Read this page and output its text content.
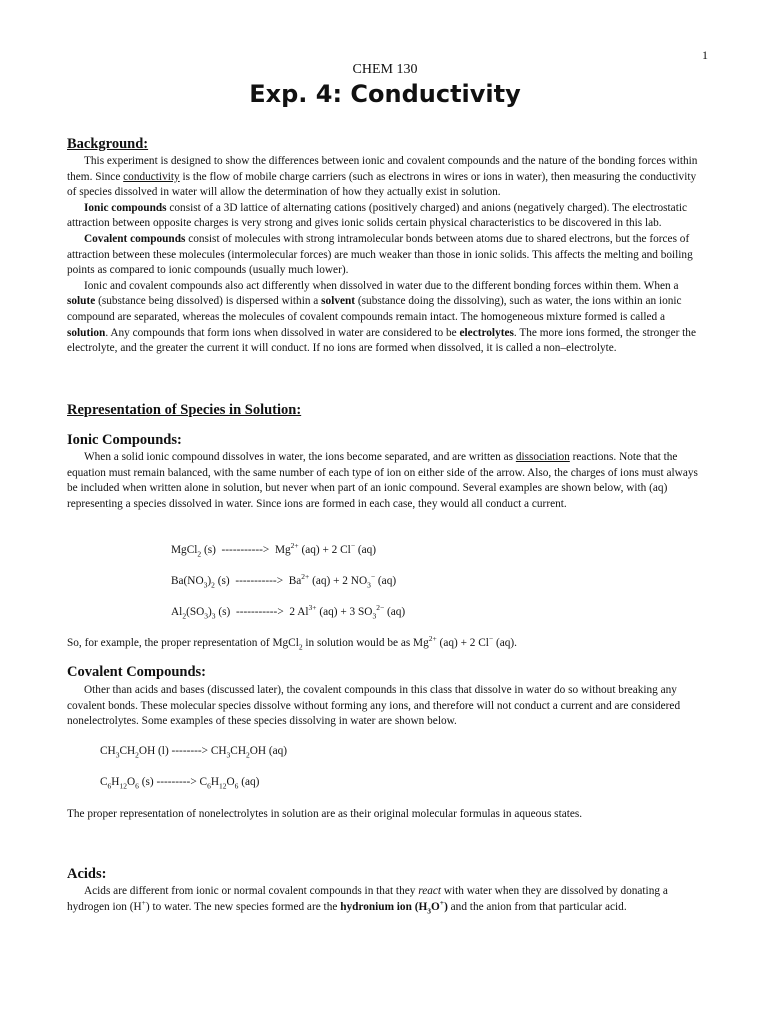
1
CHEM 130
Exp. 4: Conductivity
Background:

This experiment is designed to show the differences between ionic and covalent compounds and the nature of the bonding forces within them. Since conductivity is the flow of mobile charge carriers (such as electrons in wires or ions in water), then measuring the conductivity of species dissolved in water will allow the determination of how they actually exist in solution.

Ionic compounds consist of a 3D lattice of alternating cations (positively charged) and anions (negatively charged). The electrostatic attraction between opposite charges is very strong and gives ionic solids certain physical characteristics to be discovered in this lab.

Covalent compounds consist of molecules with strong intramolecular bonds between atoms due to shared electrons, but the forces of attraction between these molecules (intermolecular forces) are much weaker than those in ionic solids. This affects the melting and boiling points as compared to ionic compounds (usually much lower).

Ionic and covalent compounds also act differently when dissolved in water due to the different bonding forces within them. When a solute (substance being dissolved) is dispersed within a solvent (substance doing the dissolving), such as water, the ions within an ionic compound are separated, whereas the molecules of covalent compounds remain intact. The homogeneous mixture formed is called a solution. Any compounds that form ions when dissolved in water are considered to be electrolytes. The more ions formed, the stronger the electrolyte, and the greater the current it will conduct. If no ions are formed when dissolved, it is called a non–electrolyte.

Representation of Species in Solution:
Ionic Compounds:

When a solid ionic compound dissolves in water, the ions become separated, and are written as dissociation reactions. Note that the equation must remain balanced, with the same number of each type of ion on either side of the arrow. Also, the charges of ions must always be included when written alone in solution, but never when part of an ionic compound. Several examples are shown below, with (aq) representing a species dissolved in water. Since ions are formed in each case, they would all conduct a current.

MgCl$_2$ (s) -----------> $Mg^{2+}$ (aq) + 2 Cl− (aq)
$Ba(NO_3)_2$ (s) -----------> $Ba^{2+}$ (aq) + 2 $NO_3^-$ (aq)
$Al_2(SO_3)_3$ (s) -----------> 2 $Al^{3+}$ (aq) + 3 $SO_3^{2-}$ (aq)
So, for example, the proper representation of MgCl$_2$ in solution would be as $Mg^{2+}$ (aq) + 2 Cl− (aq).
Covalent Compounds:

Other than acids and bases (discussed later), the covalent compounds in this class that dissolve in water do so without breaking any covalent bonds. These molecular species dissolve without forming any ions, and therefore will not conduct a current and are considered nonelectrolytes. Some examples of these species dissolving in water are shown below.

$CH_3CH_2OH$ (l) --------> $CH_3CH_2OH$ (aq)
$C_6H_{12}O_6$ (s) ---------> $C_6H_{12}O_6$ (aq)
The proper representation of nonelectrolytes in solution are as their original molecular formulas in aqueous states.
Acids:

Acids are different from ionic or normal covalent compounds in that they react with water when they are dissolved by donating a hydrogen ion (H+) to water. The new species formed are the hydronium ion $(H_3O^+)$ and the anion from that particular acid.
